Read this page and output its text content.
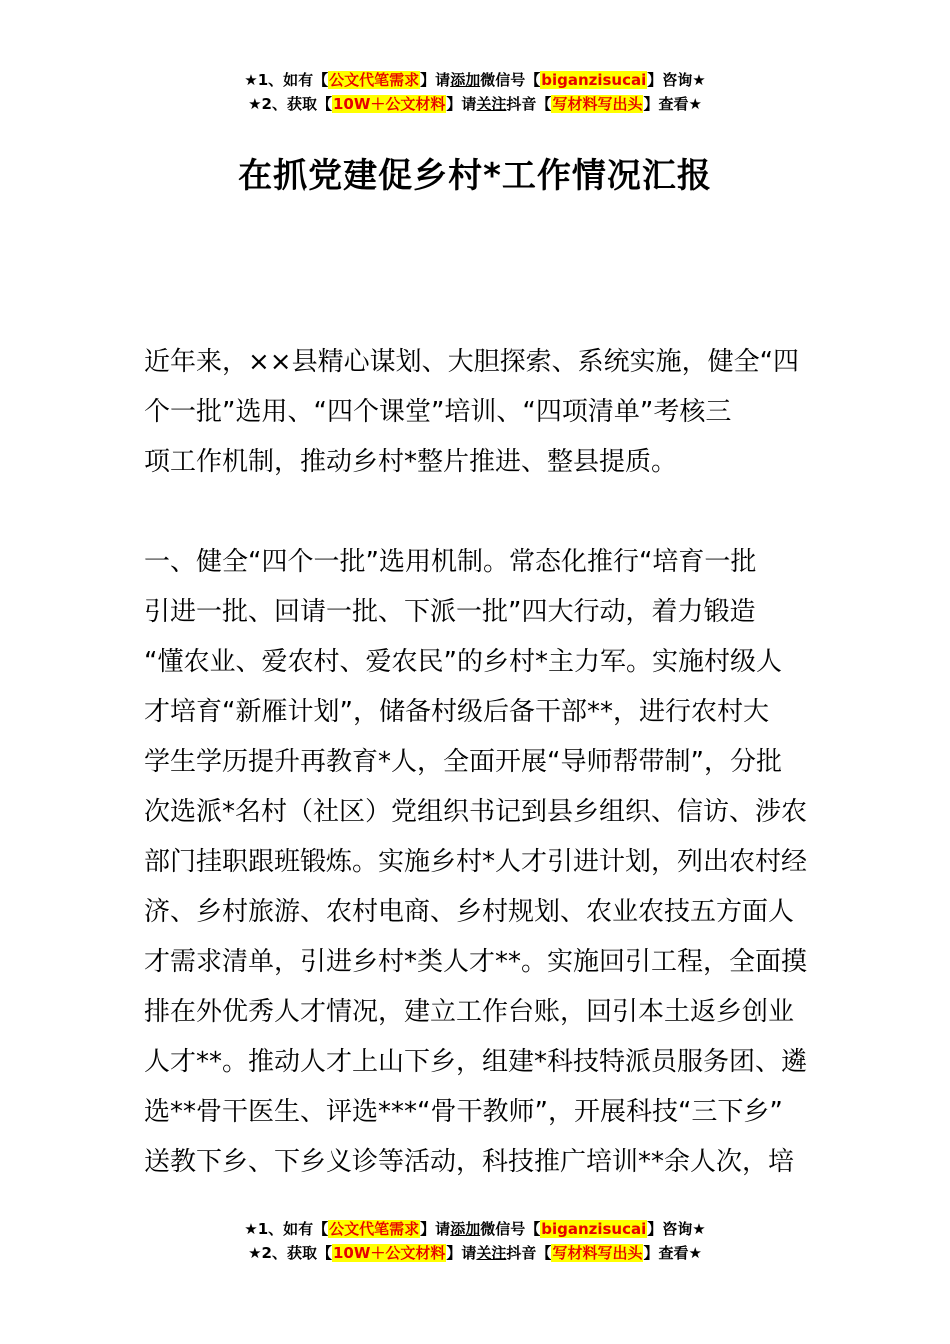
★1、如有【公文代笔需求】请添加微信号【biganzisucai】咨询★
★2、获取【10W＋公文材料】请关注抖音【写材料写出头】查看★
在抓党建促乡村*工作情况汇报
近年来，××县精心谋划、大胆探索、系统实施，健全“四
个一批”选用、“四个课堂”培训、“四项清单”考核三
项工作机制，推动乡村*整片推进、整县提质。
一、健全“四个一批”选用机制。常态化推行“培育一批
引进一批、回请一批、下派一批”四大行动，着力锻造
“懂农业、爱农村、爱农民”的乡村*主力军。实施村级人
才培育“新雁计划”，储备村级后备干部**，进行农村大
学生学历提升再教育*人，全面开展“导师帮带制”，分批
次选派*名村（社区）党组织书记到县乡组织、信访、涉农
部门挂职跟班锻炼。实施乡村*人才引进计划，列出农村经
济、乡村旅游、农村电商、乡村规划、农业农技五方面人
才需求清单，引进乡村*类人才**。实施回引工程，全面摸
排在外优秀人才情况，建立工作台账，回引本土返乡创业
人才**。推动人才上山下乡，组建*科技特派员服务团、遴
选**骨干医生、评选***“骨干教师”，开展科技“三下乡”
送教下乡、下乡义诊等活动，科技推广培训**余人次，培
★1、如有【公文代笔需求】请添加微信号【biganzisucai】咨询★
★2、获取【10W＋公文材料】请关注抖音【写材料写出头】查看★
